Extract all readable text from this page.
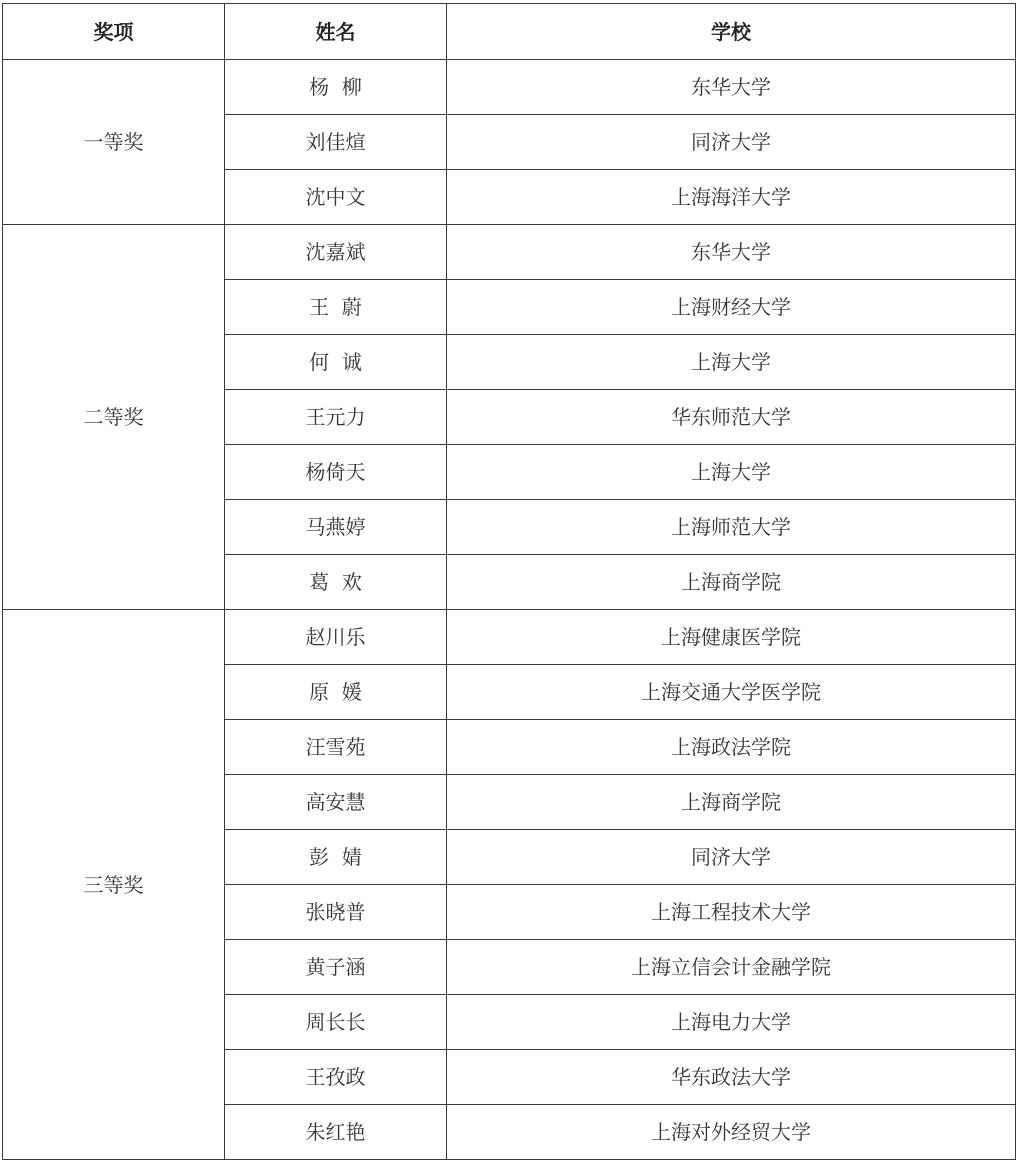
奖项	姓名	学校
一等奖	杨  柳	东华大学
	刘佳煊	同济大学
	沈中文	上海海洋大学
二等奖	沈嘉斌	东华大学
	王  蔚	上海财经大学
	何  诚	上海大学
	王元力	华东师范大学
	杨倚天	上海大学
	马燕婷	上海师范大学
	葛  欢	上海商学院
三等奖	赵川乐	上海健康医学院
	原  媛	上海交通大学医学院
	汪雪苑	上海政法学院
	高安慧	上海商学院
	彭  婧	同济大学
	张晓普	上海工程技术大学
	黄子涵	上海立信会计金融学院
	周长长	上海电力大学
	王孜政	华东政法大学
	朱红艳	上海对外经贸大学
